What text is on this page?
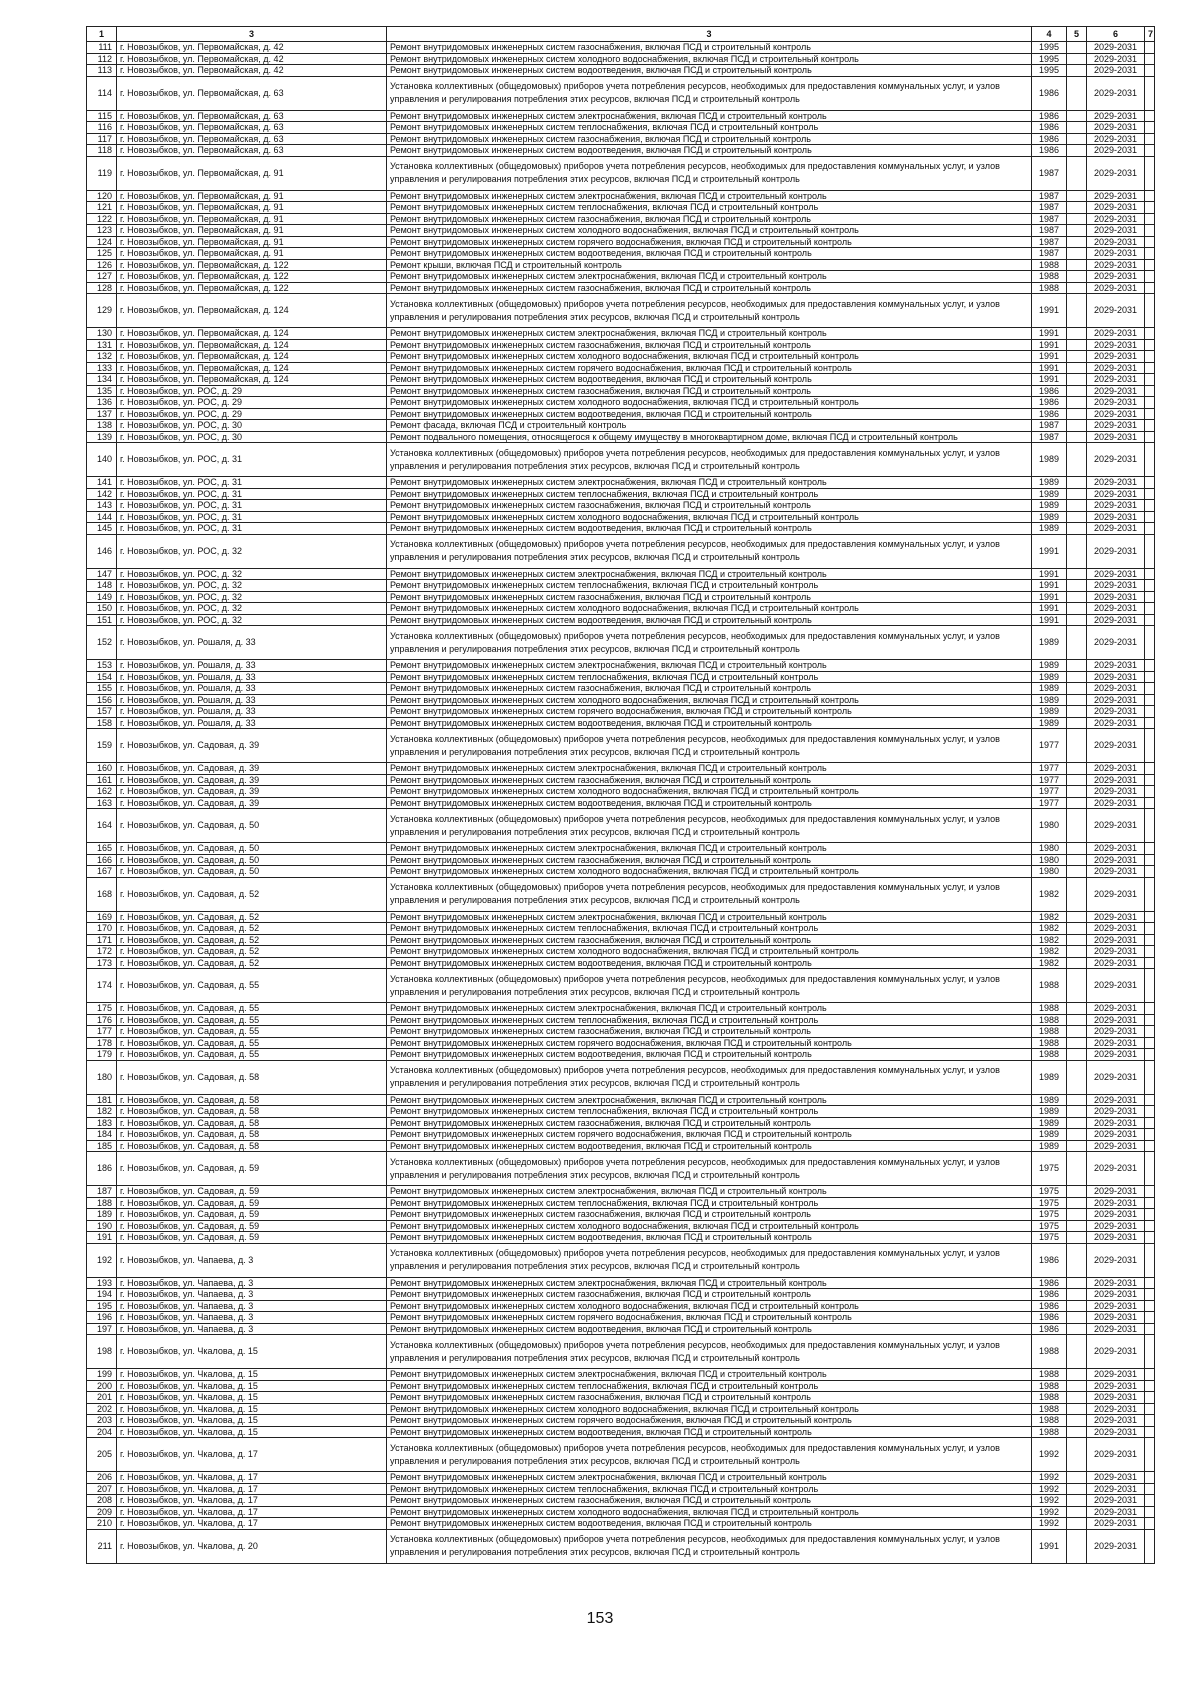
1	3	3	4	5	6	7
111	г. Новозыбков, ул. Первомайская, д. 42	Ремонт внутридомовых инженерных систем газоснабжения, включая ПСД и строительный контроль	1995		2029-2031	
112	г. Новозыбков, ул. Первомайская, д. 42	Ремонт внутридомовых инженерных систем холодного водоснабжения, включая ПСД и строительный контроль	1995		2029-2031	
113	г. Новозыбков, ул. Первомайская, д. 42	Ремонт внутридомовых инженерных систем водоотведения, включая ПСД и строительный контроль	1995		2029-2031	
114	г. Новозыбков, ул. Первомайская, д. 63	Установка коллективных (общедомовых) приборов учета потребления ресурсов, необходимых для предоставления коммунальных услуг, и узлов управления и регулирования потребления этих ресурсов, включая ПСД и строительный контроль	1986		2029-2031	
115	г. Новозыбков, ул. Первомайская, д. 63	Ремонт внутридомовых инженерных систем электроснабжения, включая ПСД и строительный контроль	1986		2029-2031	
116	г. Новозыбков, ул. Первомайская, д. 63	Ремонт внутридомовых инженерных систем теплоснабжения, включая ПСД и строительный контроль	1986		2029-2031	
117	г. Новозыбков, ул. Первомайская, д. 63	Ремонт внутридомовых инженерных систем газоснабжения, включая ПСД и строительный контроль	1986		2029-2031	
118	г. Новозыбков, ул. Первомайская, д. 63	Ремонт внутридомовых инженерных систем водоотведения, включая ПСД и строительный контроль	1986		2029-2031	
119	г. Новозыбков, ул. Первомайская, д. 91	Установка коллективных (общедомовых) приборов учета потребления ресурсов, необходимых для предоставления коммунальных услуг, и узлов управления и регулирования потребления этих ресурсов, включая ПСД и строительный контроль	1987		2029-2031	
120	г. Новозыбков, ул. Первомайская, д. 91	Ремонт внутридомовых инженерных систем электроснабжения, включая ПСД и строительный контроль	1987		2029-2031	
121	г. Новозыбков, ул. Первомайская, д. 91	Ремонт внутридомовых инженерных систем теплоснабжения, включая ПСД и строительный контроль	1987		2029-2031	
122	г. Новозыбков, ул. Первомайская, д. 91	Ремонт внутридомовых инженерных систем газоснабжения, включая ПСД и строительный контроль	1987		2029-2031	
123	г. Новозыбков, ул. Первомайская, д. 91	Ремонт внутридомовых инженерных систем холодного водоснабжения, включая ПСД и строительный контроль	1987		2029-2031	
124	г. Новозыбков, ул. Первомайская, д. 91	Ремонт внутридомовых инженерных систем горячего водоснабжения, включая ПСД и строительный контроль	1987		2029-2031	
125	г. Новозыбков, ул. Первомайская, д. 91	Ремонт внутридомовых инженерных систем водоотведения, включая ПСД и строительный контроль	1987		2029-2031	
126	г. Новозыбков, ул. Первомайская, д. 122	Ремонт крыши, включая ПСД и строительный контроль	1988		2029-2031	
127	г. Новозыбков, ул. Первомайская, д. 122	Ремонт внутридомовых инженерных систем электроснабжения, включая ПСД и строительный контроль	1988		2029-2031	
128	г. Новозыбков, ул. Первомайская, д. 122	Ремонт внутридомовых инженерных систем газоснабжения, включая ПСД и строительный контроль	1988		2029-2031	
129	г. Новозыбков, ул. Первомайская, д. 124	Установка коллективных (общедомовых) приборов учета потребления ресурсов, необходимых для предоставления коммунальных услуг, и узлов управления и регулирования потребления этих ресурсов, включая ПСД и строительный контроль	1991		2029-2031	
130	г. Новозыбков, ул. Первомайская, д. 124	Ремонт внутридомовых инженерных систем электроснабжения, включая ПСД и строительный контроль	1991		2029-2031	
131	г. Новозыбков, ул. Первомайская, д. 124	Ремонт внутридомовых инженерных систем газоснабжения, включая ПСД и строительный контроль	1991		2029-2031	
132	г. Новозыбков, ул. Первомайская, д. 124	Ремонт внутридомовых инженерных систем холодного водоснабжения, включая ПСД и строительный контроль	1991		2029-2031	
133	г. Новозыбков, ул. Первомайская, д. 124	Ремонт внутридомовых инженерных систем горячего водоснабжения, включая ПСД и строительный контроль	1991		2029-2031	
134	г. Новозыбков, ул. Первомайская, д. 124	Ремонт внутридомовых инженерных систем водоотведения, включая ПСД и строительный контроль	1991		2029-2031	
135	г. Новозыбков, ул. РОС, д. 29	Ремонт внутридомовых инженерных систем газоснабжения, включая ПСД и строительный контроль	1986		2029-2031	
136	г. Новозыбков, ул. РОС, д. 29	Ремонт внутридомовых инженерных систем холодного водоснабжения, включая ПСД и строительный контроль	1986		2029-2031	
137	г. Новозыбков, ул. РОС, д. 29	Ремонт внутридомовых инженерных систем водоотведения, включая ПСД и строительный контроль	1986		2029-2031	
138	г. Новозыбков, ул. РОС, д. 30	Ремонт фасада, включая ПСД и строительный контроль	1987		2029-2031	
139	г. Новозыбков, ул. РОС, д. 30	Ремонт подвального помещения, относящегося к общему имуществу в многоквартирном доме, включая ПСД и строительный контроль	1987		2029-2031	
140	г. Новозыбков, ул. РОС, д. 31	Установка коллективных (общедомовых) приборов учета потребления ресурсов, необходимых для предоставления коммунальных услуг, и узлов управления и регулирования потребления этих ресурсов, включая ПСД и строительный контроль	1989		2029-2031	
141	г. Новозыбков, ул. РОС, д. 31	Ремонт внутридомовых инженерных систем электроснабжения, включая ПСД и строительный контроль	1989		2029-2031	
142	г. Новозыбков, ул. РОС, д. 31	Ремонт внутридомовых инженерных систем теплоснабжения, включая ПСД и строительный контроль	1989		2029-2031	
143	г. Новозыбков, ул. РОС, д. 31	Ремонт внутридомовых инженерных систем газоснабжения, включая ПСД и строительный контроль	1989		2029-2031	
144	г. Новозыбков, ул. РОС, д. 31	Ремонт внутридомовых инженерных систем холодного водоснабжения, включая ПСД и строительный контроль	1989		2029-2031	
145	г. Новозыбков, ул. РОС, д. 31	Ремонт внутридомовых инженерных систем водоотведения, включая ПСД и строительный контроль	1989		2029-2031	
146	г. Новозыбков, ул. РОС, д. 32	Установка коллективных (общедомовых) приборов учета потребления ресурсов, необходимых для предоставления коммунальных услуг, и узлов управления и регулирования потребления этих ресурсов, включая ПСД и строительный контроль	1991		2029-2031	
147	г. Новозыбков, ул. РОС, д. 32	Ремонт внутридомовых инженерных систем электроснабжения, включая ПСД и строительный контроль	1991		2029-2031	
148	г. Новозыбков, ул. РОС, д. 32	Ремонт внутридомовых инженерных систем теплоснабжения, включая ПСД и строительный контроль	1991		2029-2031	
149	г. Новозыбков, ул. РОС, д. 32	Ремонт внутридомовых инженерных систем газоснабжения, включая ПСД и строительный контроль	1991		2029-2031	
150	г. Новозыбков, ул. РОС, д. 32	Ремонт внутридомовых инженерных систем холодного водоснабжения, включая ПСД и строительный контроль	1991		2029-2031	
151	г. Новозыбков, ул. РОС, д. 32	Ремонт внутридомовых инженерных систем водоотведения, включая ПСД и строительный контроль	1991		2029-2031	
152	г. Новозыбков, ул. Рошаля, д. 33	Установка коллективных (общедомовых) приборов учета потребления ресурсов, необходимых для предоставления коммунальных услуг, и узлов управления и регулирования потребления этих ресурсов, включая ПСД и строительный контроль	1989		2029-2031	
153	г. Новозыбков, ул. Рошаля, д. 33	Ремонт внутридомовых инженерных систем электроснабжения, включая ПСД и строительный контроль	1989		2029-2031	
154	г. Новозыбков, ул. Рошаля, д. 33	Ремонт внутридомовых инженерных систем теплоснабжения, включая ПСД и строительный контроль	1989		2029-2031	
155	г. Новозыбков, ул. Рошаля, д. 33	Ремонт внутридомовых инженерных систем газоснабжения, включая ПСД и строительный контроль	1989		2029-2031	
156	г. Новозыбков, ул. Рошаля, д. 33	Ремонт внутридомовых инженерных систем холодного водоснабжения, включая ПСД и строительный контроль	1989		2029-2031	
157	г. Новозыбков, ул. Рошаля, д. 33	Ремонт внутридомовых инженерных систем горячего водоснабжения, включая ПСД и строительный контроль	1989		2029-2031	
158	г. Новозыбков, ул. Рошаля, д. 33	Ремонт внутридомовых инженерных систем водоотведения, включая ПСД и строительный контроль	1989		2029-2031	
159	г. Новозыбков, ул. Садовая, д. 39	Установка коллективных (общедомовых) приборов учета потребления ресурсов, необходимых для предоставления коммунальных услуг, и узлов управления и регулирования потребления этих ресурсов, включая ПСД и строительный контроль	1977		2029-2031	
160	г. Новозыбков, ул. Садовая, д. 39	Ремонт внутридомовых инженерных систем электроснабжения, включая ПСД и строительный контроль	1977		2029-2031	
161	г. Новозыбков, ул. Садовая, д. 39	Ремонт внутридомовых инженерных систем газоснабжения, включая ПСД и строительный контроль	1977		2029-2031	
162	г. Новозыбков, ул. Садовая, д. 39	Ремонт внутридомовых инженерных систем холодного водоснабжения, включая ПСД и строительный контроль	1977		2029-2031	
163	г. Новозыбков, ул. Садовая, д. 39	Ремонт внутридомовых инженерных систем водоотведения, включая ПСД и строительный контроль	1977		2029-2031	
164	г. Новозыбков, ул. Садовая, д. 50	Установка коллективных (общедомовых) приборов учета потребления ресурсов, необходимых для предоставления коммунальных услуг, и узлов управления и регулирования потребления этих ресурсов, включая ПСД и строительный контроль	1980		2029-2031	
165	г. Новозыбков, ул. Садовая, д. 50	Ремонт внутридомовых инженерных систем электроснабжения, включая ПСД и строительный контроль	1980		2029-2031	
166	г. Новозыбков, ул. Садовая, д. 50	Ремонт внутридомовых инженерных систем газоснабжения, включая ПСД и строительный контроль	1980		2029-2031	
167	г. Новозыбков, ул. Садовая, д. 50	Ремонт внутридомовых инженерных систем холодного водоснабжения, включая ПСД и строительный контроль	1980		2029-2031	
168	г. Новозыбков, ул. Садовая, д. 52	Установка коллективных (общедомовых) приборов учета потребления ресурсов, необходимых для предоставления коммунальных услуг, и узлов управления и регулирования потребления этих ресурсов, включая ПСД и строительный контроль	1982		2029-2031	
169	г. Новозыбков, ул. Садовая, д. 52	Ремонт внутридомовых инженерных систем электроснабжения, включая ПСД и строительный контроль	1982		2029-2031	
170	г. Новозыбков, ул. Садовая, д. 52	Ремонт внутридомовых инженерных систем теплоснабжения, включая ПСД и строительный контроль	1982		2029-2031	
171	г. Новозыбков, ул. Садовая, д. 52	Ремонт внутридомовых инженерных систем газоснабжения, включая ПСД и строительный контроль	1982		2029-2031	
172	г. Новозыбков, ул. Садовая, д. 52	Ремонт внутридомовых инженерных систем холодного водоснабжения, включая ПСД и строительный контроль	1982		2029-2031	
173	г. Новозыбков, ул. Садовая, д. 52	Ремонт внутридомовых инженерных систем водоотведения, включая ПСД и строительный контроль	1982		2029-2031	
174	г. Новозыбков, ул. Садовая, д. 55	Установка коллективных (общедомовых) приборов учета потребления ресурсов, необходимых для предоставления коммунальных услуг, и узлов управления и регулирования потребления этих ресурсов, включая ПСД и строительный контроль	1988		2029-2031	
175	г. Новозыбков, ул. Садовая, д. 55	Ремонт внутридомовых инженерных систем электроснабжения, включая ПСД и строительный контроль	1988		2029-2031	
176	г. Новозыбков, ул. Садовая, д. 55	Ремонт внутридомовых инженерных систем теплоснабжения, включая ПСД и строительный контроль	1988		2029-2031	
177	г. Новозыбков, ул. Садовая, д. 55	Ремонт внутридомовых инженерных систем газоснабжения, включая ПСД и строительный контроль	1988		2029-2031	
178	г. Новозыбков, ул. Садовая, д. 55	Ремонт внутридомовых инженерных систем горячего водоснабжения, включая ПСД и строительный контроль	1988		2029-2031	
179	г. Новозыбков, ул. Садовая, д. 55	Ремонт внутридомовых инженерных систем водоотведения, включая ПСД и строительный контроль	1988		2029-2031	
180	г. Новозыбков, ул. Садовая, д. 58	Установка коллективных (общедомовых) приборов учета потребления ресурсов, необходимых для предоставления коммунальных услуг, и узлов управления и регулирования потребления этих ресурсов, включая ПСД и строительный контроль	1989		2029-2031	
181	г. Новозыбков, ул. Садовая, д. 58	Ремонт внутридомовых инженерных систем электроснабжения, включая ПСД и строительный контроль	1989		2029-2031	
182	г. Новозыбков, ул. Садовая, д. 58	Ремонт внутридомовых инженерных систем теплоснабжения, включая ПСД и строительный контроль	1989		2029-2031	
183	г. Новозыбков, ул. Садовая, д. 58	Ремонт внутридомовых инженерных систем газоснабжения, включая ПСД и строительный контроль	1989		2029-2031	
184	г. Новозыбков, ул. Садовая, д. 58	Ремонт внутридомовых инженерных систем горячего водоснабжения, включая ПСД и строительный контроль	1989		2029-2031	
185	г. Новозыбков, ул. Садовая, д. 58	Ремонт внутридомовых инженерных систем водоотведения, включая ПСД и строительный контроль	1989		2029-2031	
186	г. Новозыбков, ул. Садовая, д. 59	Установка коллективных (общедомовых) приборов учета потребления ресурсов, необходимых для предоставления коммунальных услуг, и узлов управления и регулирования потребления этих ресурсов, включая ПСД и строительный контроль	1975		2029-2031	
187	г. Новозыбков, ул. Садовая, д. 59	Ремонт внутридомовых инженерных систем электроснабжения, включая ПСД и строительный контроль	1975		2029-2031	
188	г. Новозыбков, ул. Садовая, д. 59	Ремонт внутридомовых инженерных систем теплоснабжения, включая ПСД и строительный контроль	1975		2029-2031	
189	г. Новозыбков, ул. Садовая, д. 59	Ремонт внутридомовых инженерных систем газоснабжения, включая ПСД и строительный контроль	1975		2029-2031	
190	г. Новозыбков, ул. Садовая, д. 59	Ремонт внутридомовых инженерных систем холодного водоснабжения, включая ПСД и строительный контроль	1975		2029-2031	
191	г. Новозыбков, ул. Садовая, д. 59	Ремонт внутридомовых инженерных систем водоотведения, включая ПСД и строительный контроль	1975		2029-2031	
192	г. Новозыбков, ул. Чапаева, д. 3	Установка коллективных (общедомовых) приборов учета потребления ресурсов, необходимых для предоставления коммунальных услуг, и узлов управления и регулирования потребления этих ресурсов, включая ПСД и строительный контроль	1986		2029-2031	
193	г. Новозыбков, ул. Чапаева, д. 3	Ремонт внутридомовых инженерных систем электроснабжения, включая ПСД и строительный контроль	1986		2029-2031	
194	г. Новозыбков, ул. Чапаева, д. 3	Ремонт внутридомовых инженерных систем газоснабжения, включая ПСД и строительный контроль	1986		2029-2031	
195	г. Новозыбков, ул. Чапаева, д. 3	Ремонт внутридомовых инженерных систем холодного водоснабжения, включая ПСД и строительный контроль	1986		2029-2031	
196	г. Новозыбков, ул. Чапаева, д. 3	Ремонт внутридомовых инженерных систем горячего водоснабжения, включая ПСД и строительный контроль	1986		2029-2031	
197	г. Новозыбков, ул. Чапаева, д. 3	Ремонт внутридомовых инженерных систем водоотведения, включая ПСД и строительный контроль	1986		2029-2031	
198	г. Новозыбков, ул. Чкалова, д. 15	Установка коллективных (общедомовых) приборов учета потребления ресурсов, необходимых для предоставления коммунальных услуг, и узлов управления и регулирования потребления этих ресурсов, включая ПСД и строительный контроль	1988		2029-2031	
199	г. Новозыбков, ул. Чкалова, д. 15	Ремонт внутридомовых инженерных систем электроснабжения, включая ПСД и строительный контроль	1988		2029-2031	
200	г. Новозыбков, ул. Чкалова, д. 15	Ремонт внутридомовых инженерных систем теплоснабжения, включая ПСД и строительный контроль	1988		2029-2031	
201	г. Новозыбков, ул. Чкалова, д. 15	Ремонт внутридомовых инженерных систем газоснабжения, включая ПСД и строительный контроль	1988		2029-2031	
202	г. Новозыбков, ул. Чкалова, д. 15	Ремонт внутридомовых инженерных систем холодного водоснабжения, включая ПСД и строительный контроль	1988		2029-2031	
203	г. Новозыбков, ул. Чкалова, д. 15	Ремонт внутридомовых инженерных систем горячего водоснабжения, включая ПСД и строительный контроль	1988		2029-2031	
204	г. Новозыбков, ул. Чкалова, д. 15	Ремонт внутридомовых инженерных систем водоотведения, включая ПСД и строительный контроль	1988		2029-2031	
205	г. Новозыбков, ул. Чкалова, д. 17	Установка коллективных (общедомовых) приборов учета потребления ресурсов, необходимых для предоставления коммунальных услуг, и узлов управления и регулирования потребления этих ресурсов, включая ПСД и строительный контроль	1992		2029-2031	
206	г. Новозыбков, ул. Чкалова, д. 17	Ремонт внутридомовых инженерных систем электроснабжения, включая ПСД и строительный контроль	1992		2029-2031	
207	г. Новозыбков, ул. Чкалова, д. 17	Ремонт внутридомовых инженерных систем теплоснабжения, включая ПСД и строительный контроль	1992		2029-2031	
208	г. Новозыбков, ул. Чкалова, д. 17	Ремонт внутридомовых инженерных систем газоснабжения, включая ПСД и строительный контроль	1992		2029-2031	
209	г. Новозыбков, ул. Чкалова, д. 17	Ремонт внутридомовых инженерных систем холодного водоснабжения, включая ПСД и строительный контроль	1992		2029-2031	
210	г. Новозыбков, ул. Чкалова, д. 17	Ремонт внутридомовых инженерных систем водоотведения, включая ПСД и строительный контроль	1992		2029-2031	
211	г. Новозыбков, ул. Чкалова, д. 20	Установка коллективных (общедомовых) приборов учета потребления ресурсов, необходимых для предоставления коммунальных услуг, и узлов управления и регулирования потребления этих ресурсов, включая ПСД и строительный контроль	1991		2029-2031	
153
